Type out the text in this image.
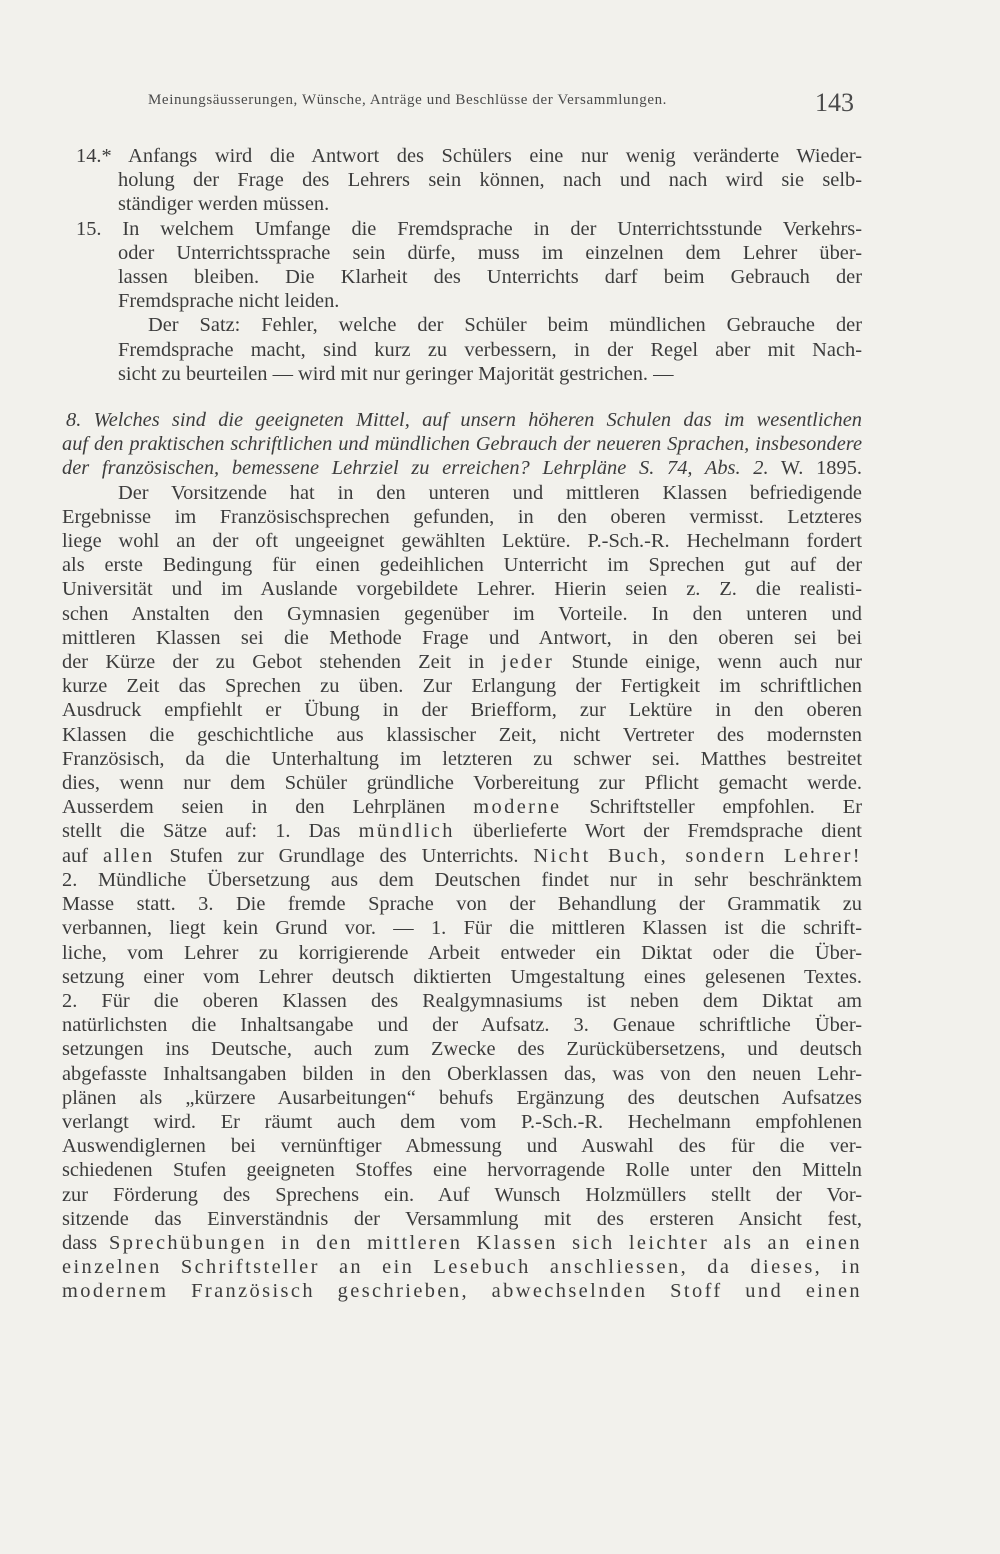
Meinungsäusserungen, Wünsche, Anträge und Beschlüsse der Versammlungen.	143
14.* Anfangs wird die Antwort des Schülers eine nur wenig veränderte Wieder-
holung der Frage des Lehrers sein können, nach und nach wird sie selb-
ständiger werden müssen.
15. In welchem Umfange die Fremdsprache in der Unterrichtsstunde Verkehrs-
oder Unterrichtssprache sein dürfe, muss im einzelnen dem Lehrer über-
lassen bleiben. Die Klarheit des Unterrichts darf beim Gebrauch der
Fremdsprache nicht leiden.
Der Satz: Fehler, welche der Schüler beim mündlichen Gebrauche der
Fremdsprache macht, sind kurz zu verbessern, in der Regel aber mit Nach-
sicht zu beurteilen — wird mit nur geringer Majorität gestrichen. —
8. Welches sind die geeigneten Mittel, auf unsern höheren Schulen das im wesentlichen
auf den praktischen schriftlichen und mündlichen Gebrauch der neueren Sprachen, insbesondere
der französischen, bemessene Lehrziel zu erreichen? Lehrpläne S. 74, Abs. 2. W. 1895.
Der Vorsitzende hat in den unteren und mittleren Klassen befriedigende
Ergebnisse im Französischsprechen gefunden, in den oberen vermisst. Letzteres
liege wohl an der oft ungeeignet gewählten Lektüre. P.-Sch.-R. Hechelmann fordert
als erste Bedingung für einen gedeihlichen Unterricht im Sprechen gut auf der
Universität und im Auslande vorgebildete Lehrer. Hierin seien z. Z. die realisti-
schen Anstalten den Gymnasien gegenüber im Vorteile. In den unteren und
mittleren Klassen sei die Methode Frage und Antwort, in den oberen sei bei
der Kürze der zu Gebot stehenden Zeit in jeder Stunde einige, wenn auch nur
kurze Zeit das Sprechen zu üben. Zur Erlangung der Fertigkeit im schriftlichen
Ausdruck empfiehlt er Übung in der Briefform, zur Lektüre in den oberen
Klassen die geschichtliche aus klassischer Zeit, nicht Vertreter des modernsten
Französisch, da die Unterhaltung im letzteren zu schwer sei. Matthes bestreitet
dies, wenn nur dem Schüler gründliche Vorbereitung zur Pflicht gemacht werde.
Ausserdem seien in den Lehrplänen moderne Schriftsteller empfohlen. Er
stellt die Sätze auf: 1. Das mündlich überlieferte Wort der Fremdsprache dient
auf allen Stufen zur Grundlage des Unterrichts. Nicht Buch, sondern Lehrer!
2. Mündliche Übersetzung aus dem Deutschen findet nur in sehr beschränktem
Masse statt. 3. Die fremde Sprache von der Behandlung der Grammatik zu
verbannen, liegt kein Grund vor. — 1. Für die mittleren Klassen ist die schrift-
liche, vom Lehrer zu korrigierende Arbeit entweder ein Diktat oder die Über-
setzung einer vom Lehrer deutsch diktierten Umgestaltung eines gelesenen Textes.
2. Für die oberen Klassen des Realgymnasiums ist neben dem Diktat am
natürlichsten die Inhaltsangabe und der Aufsatz. 3. Genaue schriftliche Über-
setzungen ins Deutsche, auch zum Zwecke des Zurückübersetzens, und deutsch
abgefasste Inhaltsangaben bilden in den Oberklassen das, was von den neuen Lehr-
plänen als „kürzere Ausarbeitungen“ behufs Ergänzung des deutschen Aufsatzes
verlangt wird. Er räumt auch dem vom P.-Sch.-R. Hechelmann empfohlenen
Auswendiglernen bei vernünftiger Abmessung und Auswahl des für die ver-
schiedenen Stufen geeigneten Stoffes eine hervorragende Rolle unter den Mitteln
zur Förderung des Sprechens ein. Auf Wunsch Holzmüllers stellt der Vor-
sitzende das Einverständnis der Versammlung mit des ersteren Ansicht fest,
dass Sprechübungen in den mittleren Klassen sich leichter als an einen
einzelnen Schriftsteller an ein Lesebuch anschliessen, da dieses, in
modernem Französisch geschrieben, abwechselnden Stoff und einen
